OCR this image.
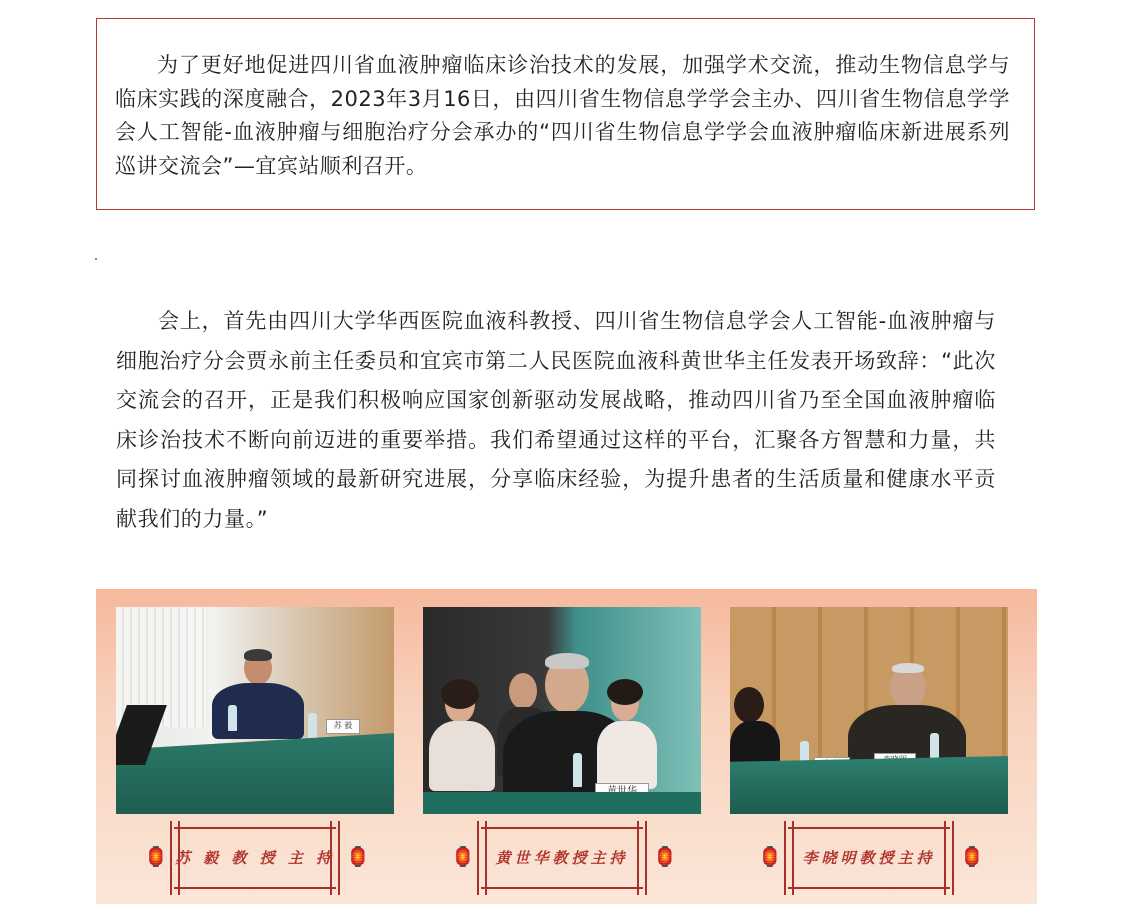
为了更好地促进四川省血液肿瘤临床诊治技术的发展，加强学术交流，推动生物信息学与临床实践的深度融合，2023年3月16日，由四川省生物信息学学会主办、四川省生物信息学学会人工智能-血液肿瘤与细胞治疗分会承办的“四川省生物信息学学会血液肿瘤临床新进展系列巡讲交流会”—宜宾站顺利召开。

会上，首先由四川大学华西医院血液科教授、四川省生物信息学会人工智能-血液肿瘤与细胞治疗分会贾永前主任委员和宜宾市第二人民医院血液科黄世华主任发表开场致辞：“此次交流会的召开，正是我们积极响应国家创新驱动发展战略，推动四川省乃至全国血液肿瘤临床诊治技术不断向前迈进的重要举措。我们希望通过这样的平台，汇聚各方智慧和力量，共同探讨血液肿瘤领域的最新研究进展，分享临床经验，为提升患者的生活质量和健康水平贡献我们的力量。”

苏 毅
🏮	🏮
苏 毅 教 授 主 持	🏮	🏮
黄世华教授主持	🏮	🏮
李晓明教授主持
